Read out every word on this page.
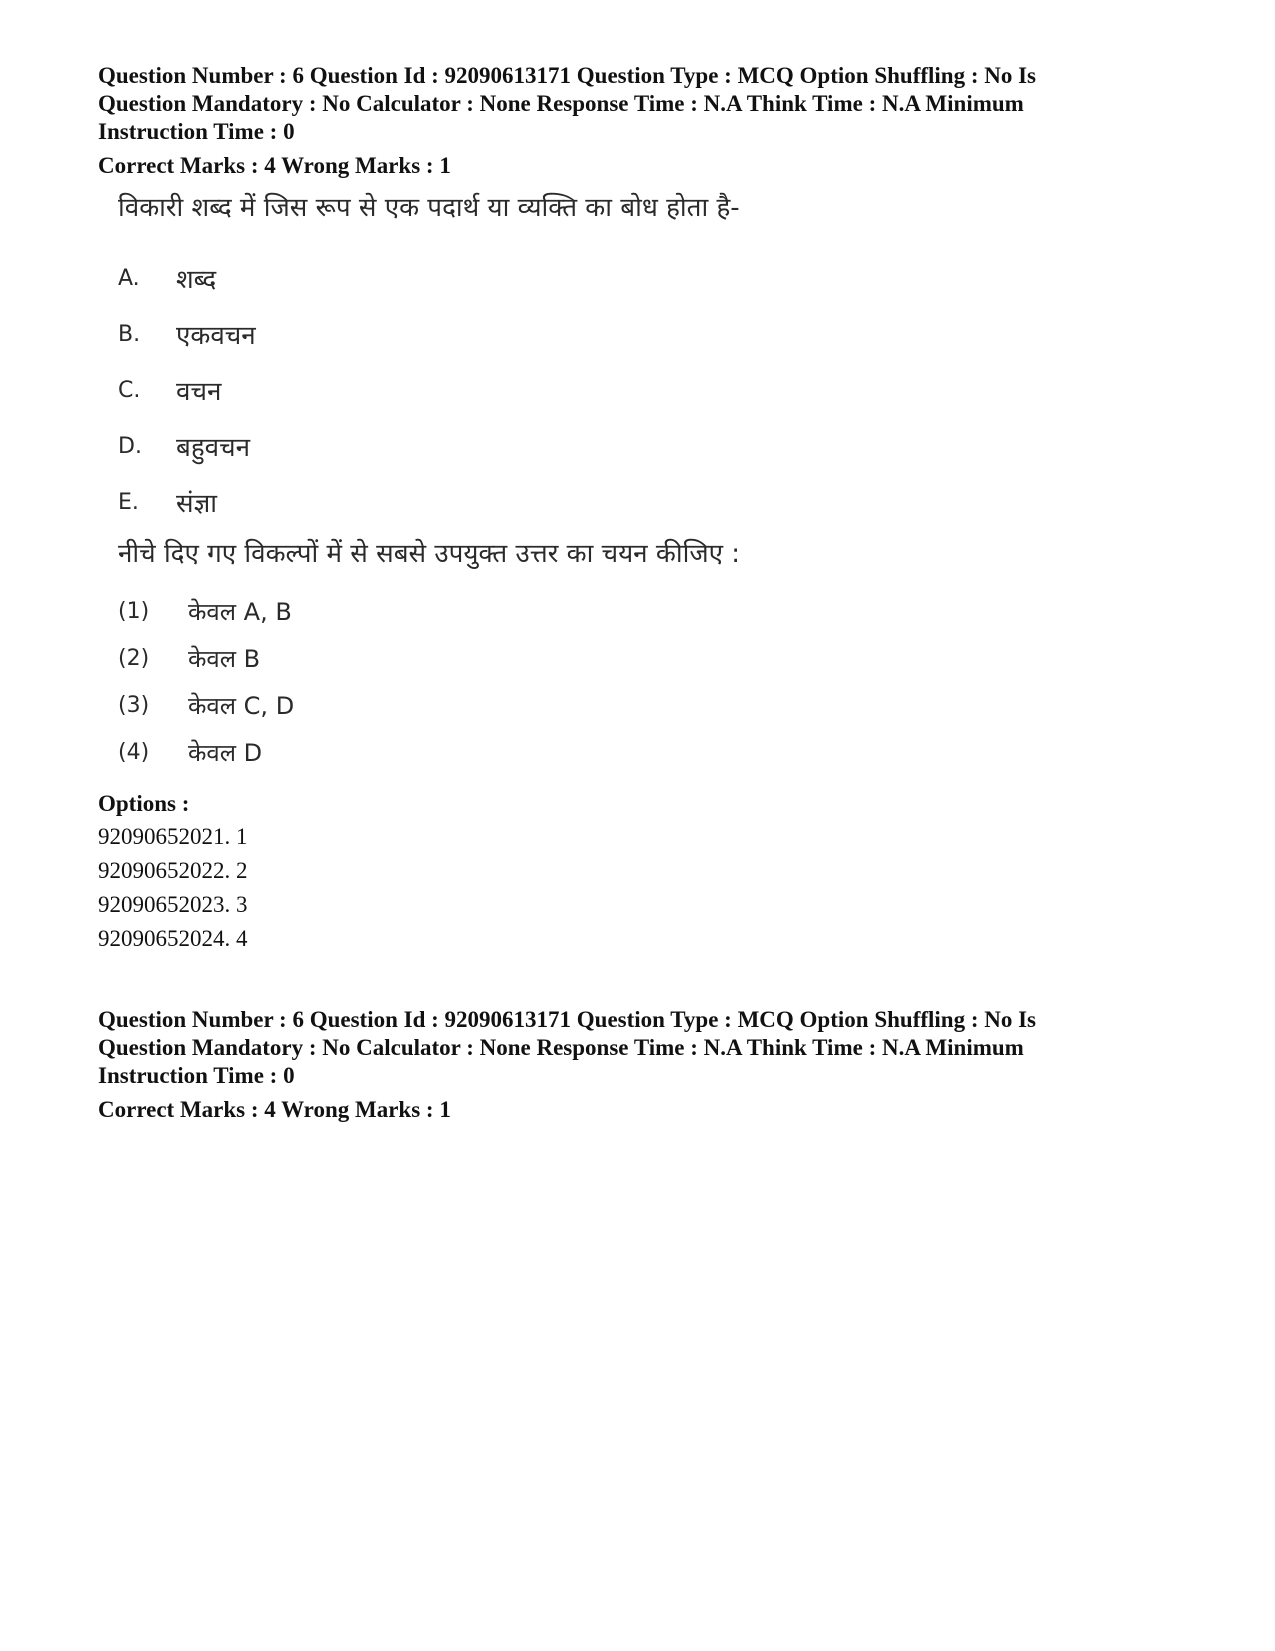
Question Number : 6 Question Id : 92090613171 Question Type : MCQ Option Shuffling : No Is

Question Mandatory : No Calculator : None Response Time : N.A Think Time : N.A Minimum

Instruction Time : 0

Correct Marks : 4 Wrong Marks : 1

विकारी शब्द में जिस रूप से एक पदार्थ या व्यक्ति का बोध होता है-
A.	शब्द
B.	एकवचन
C.	वचन
D.	बहुवचन
E.	संज्ञा
नीचे दिए गए विकल्पों में से सबसे उपयुक्त उत्तर का चयन कीजिए :
(1)	केवल A, B
(2)	केवल B
(3)	केवल C, D
(4)	केवल D
Options :
92090652021. 1
92090652022. 2
92090652023. 3
92090652024. 4

Question Number : 6 Question Id : 92090613171 Question Type : MCQ Option Shuffling : No Is

Question Mandatory : No Calculator : None Response Time : N.A Think Time : N.A Minimum

Instruction Time : 0

Correct Marks : 4 Wrong Marks : 1
